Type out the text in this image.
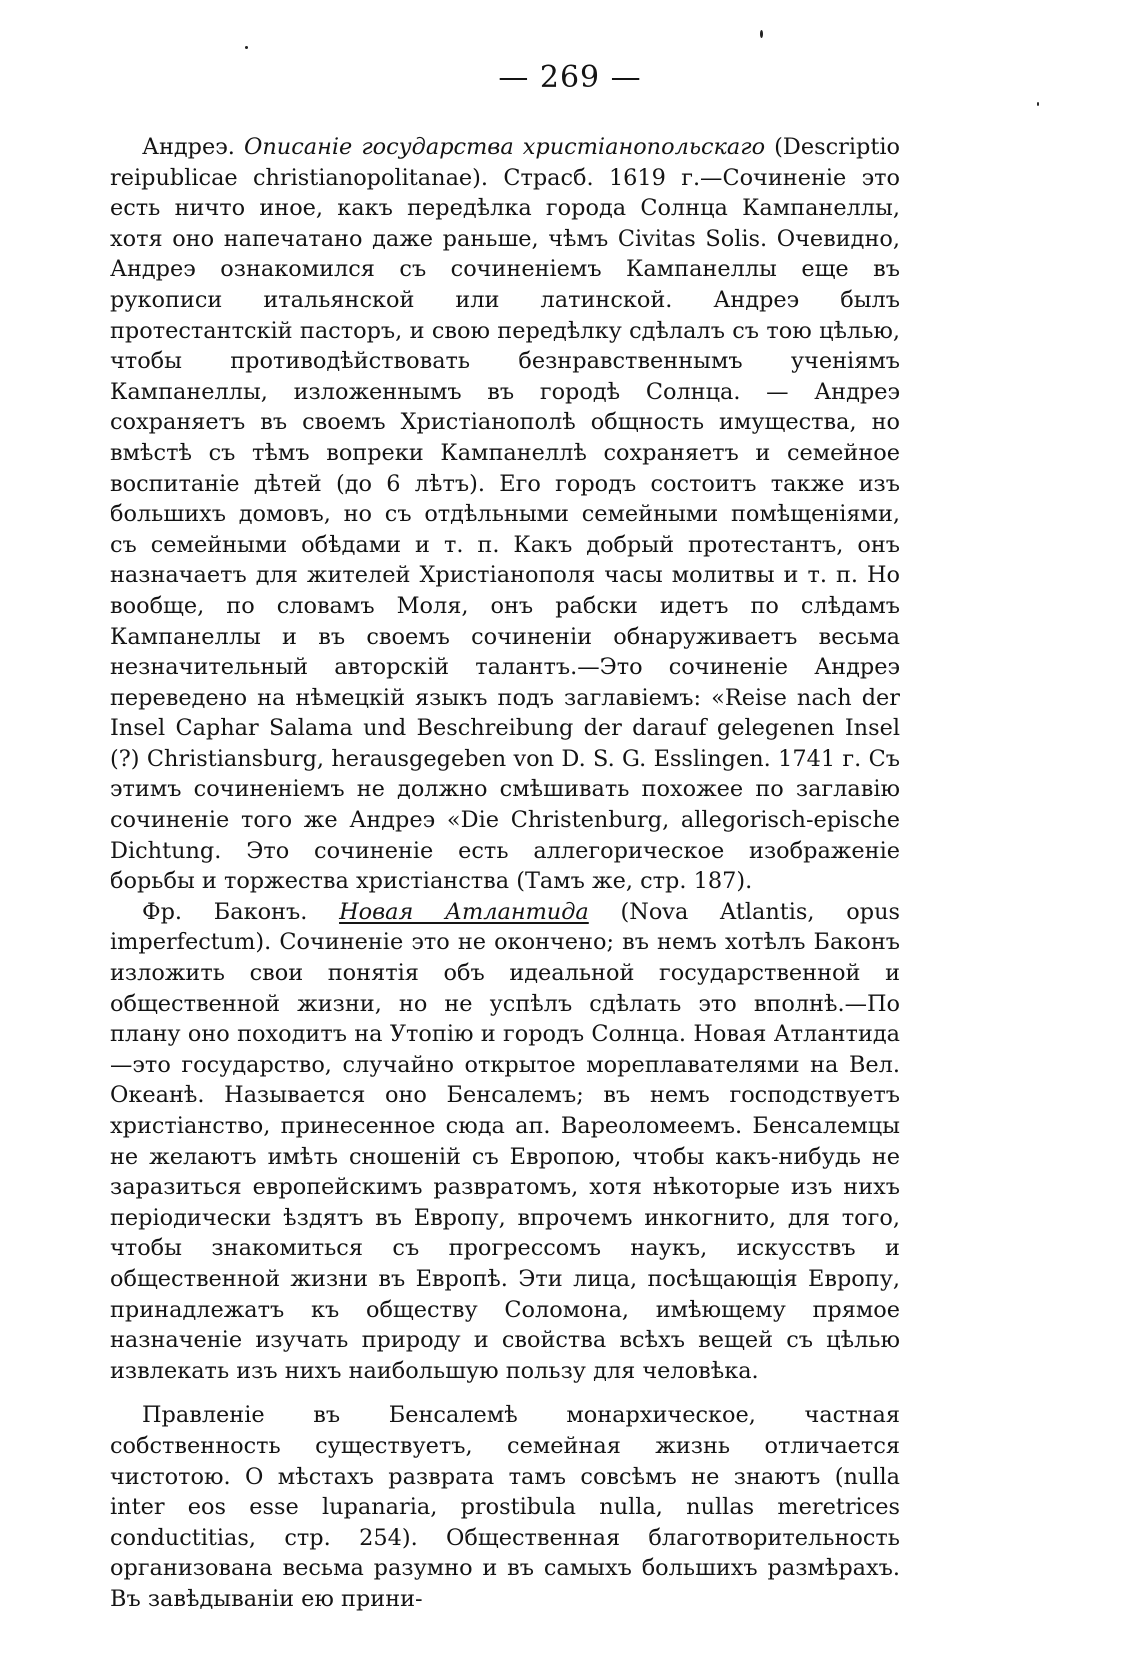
— 269 —

Андреэ. Описаніе государства христіанопольскаго (Descriptio reipublicae christianopolitanae). Страсб. 1619 г.—Сочиненіе это есть ничто иное, какъ передѣлка города Солнца Кампанеллы, хотя оно напечатано даже раньше, чѣмъ Civitas Solis. Очевидно, Андреэ ознакомился съ сочиненіемъ Кампанеллы еще въ рукописи итальянской или латинской. Андреэ былъ протестантскій пасторъ, и свою передѣлку сдѣлалъ съ тою цѣлью, чтобы противодѣйствовать безнравственнымъ ученіямъ Кампанеллы, изложеннымъ въ городѣ Солнца. — Андреэ сохраняетъ въ своемъ Христіанополѣ общность имущества, но вмѣстѣ съ тѣмъ вопреки Кампанеллѣ сохраняетъ и семейное воспитаніе дѣтей (до 6 лѣтъ). Его городъ состоитъ также изъ большихъ домовъ, но съ отдѣльными семейными помѣщеніями, съ семейными обѣдами и т. п. Какъ добрый протестантъ, онъ назначаетъ для жителей Христіанополя часы молитвы и т. п. Но вообще, по словамъ Моля, онъ рабски идетъ по слѣдамъ Кампанеллы и въ своемъ сочиненіи обнаруживаетъ весьма незначительный авторскій талантъ.—Это сочиненіе Андреэ переведено на нѣмецкій языкъ подъ заглавіемъ: «Reise nach der Insel Caphar Salama und Beschreibung der darauf gelegenen Insel (?) Christiansburg, herausgegeben von D. S. G. Esslingen. 1741 г. Съ этимъ сочиненіемъ не должно смѣшивать похожее по заглавію сочиненіе того же Андреэ «Die Christenburg, allegorisch-epische Dichtung. Это сочиненіе есть аллегорическое изображеніе борьбы и торжества христіанства (Тамъ же, стр. 187).

Фр. Баконъ. Новая Атлантида (Nova Atlantis, opus imperfectum). Сочиненіе это не окончено; въ немъ хотѣлъ Баконъ изложить свои понятія объ идеальной государственной и общественной жизни, но не успѣлъ сдѣлать это вполнѣ.—По плану оно походитъ на Утопію и городъ Солнца. Новая Атлантида—это государство, случайно открытое мореплавателями на Вел. Океанѣ. Называется оно Бенсалемъ; въ немъ господствуетъ христіанство, принесенное сюда ап. Вареоломеемъ. Бенсалемцы не желаютъ имѣть сношеній съ Европою, чтобы какъ-нибудь не заразиться европейскимъ развратомъ, хотя нѣкоторые изъ нихъ періодически ѣздятъ въ Европу, впрочемъ инкогнито, для того, чтобы знакомиться съ прогрессомъ наукъ, искусствъ и общественной жизни въ Европѣ. Эти лица, посѣщающія Европу, принадлежатъ къ обществу Соломона, имѣющему прямое назначеніе изучать природу и свойства всѣхъ вещей съ цѣлью извлекать изъ нихъ наибольшую пользу для человѣка.

Правленіе въ Бенсалемѣ монархическое, частная собственность существуетъ, семейная жизнь отличается чистотою. О мѣстахъ разврата тамъ совсѣмъ не знаютъ (nulla inter eos esse lupanaria, prostibula nulla, nullas meretrices conductitias, стр. 254). Общественная благотворительность организована весьма разумно и въ самыхъ большихъ размѣрахъ. Въ завѣдываніи ею прини-
